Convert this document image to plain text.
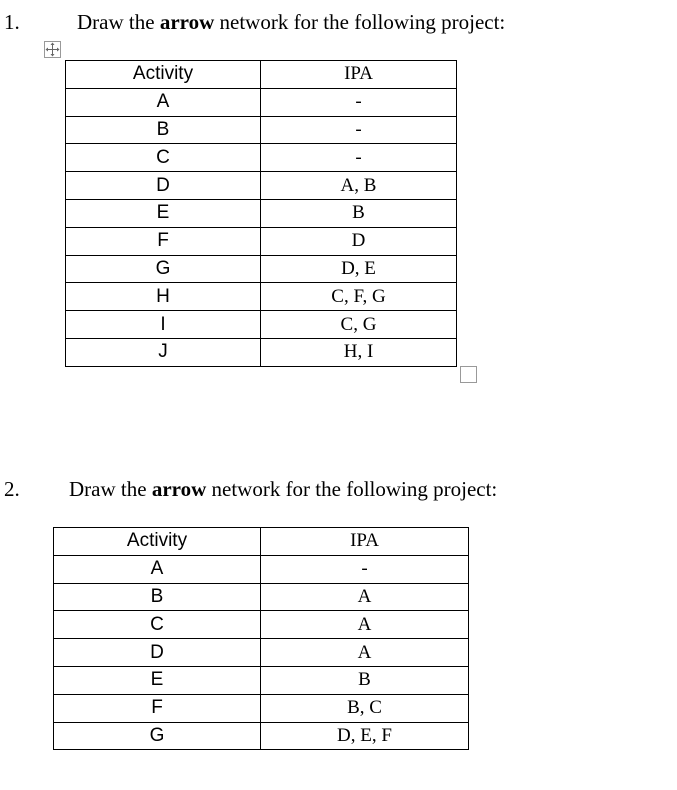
1.	Draw the arrow network for the following project:
Activity	IPA
A	-
B	-
C	-
D	A, B
E	B
F	D
G	D, E
H	C, F, G
I	C, G
J	H, I
2. Draw the arrow network for the following project:
Activity	IPA
A	-
B	A
C	A
D	A
E	B
F	B, C
G	D, E, F
